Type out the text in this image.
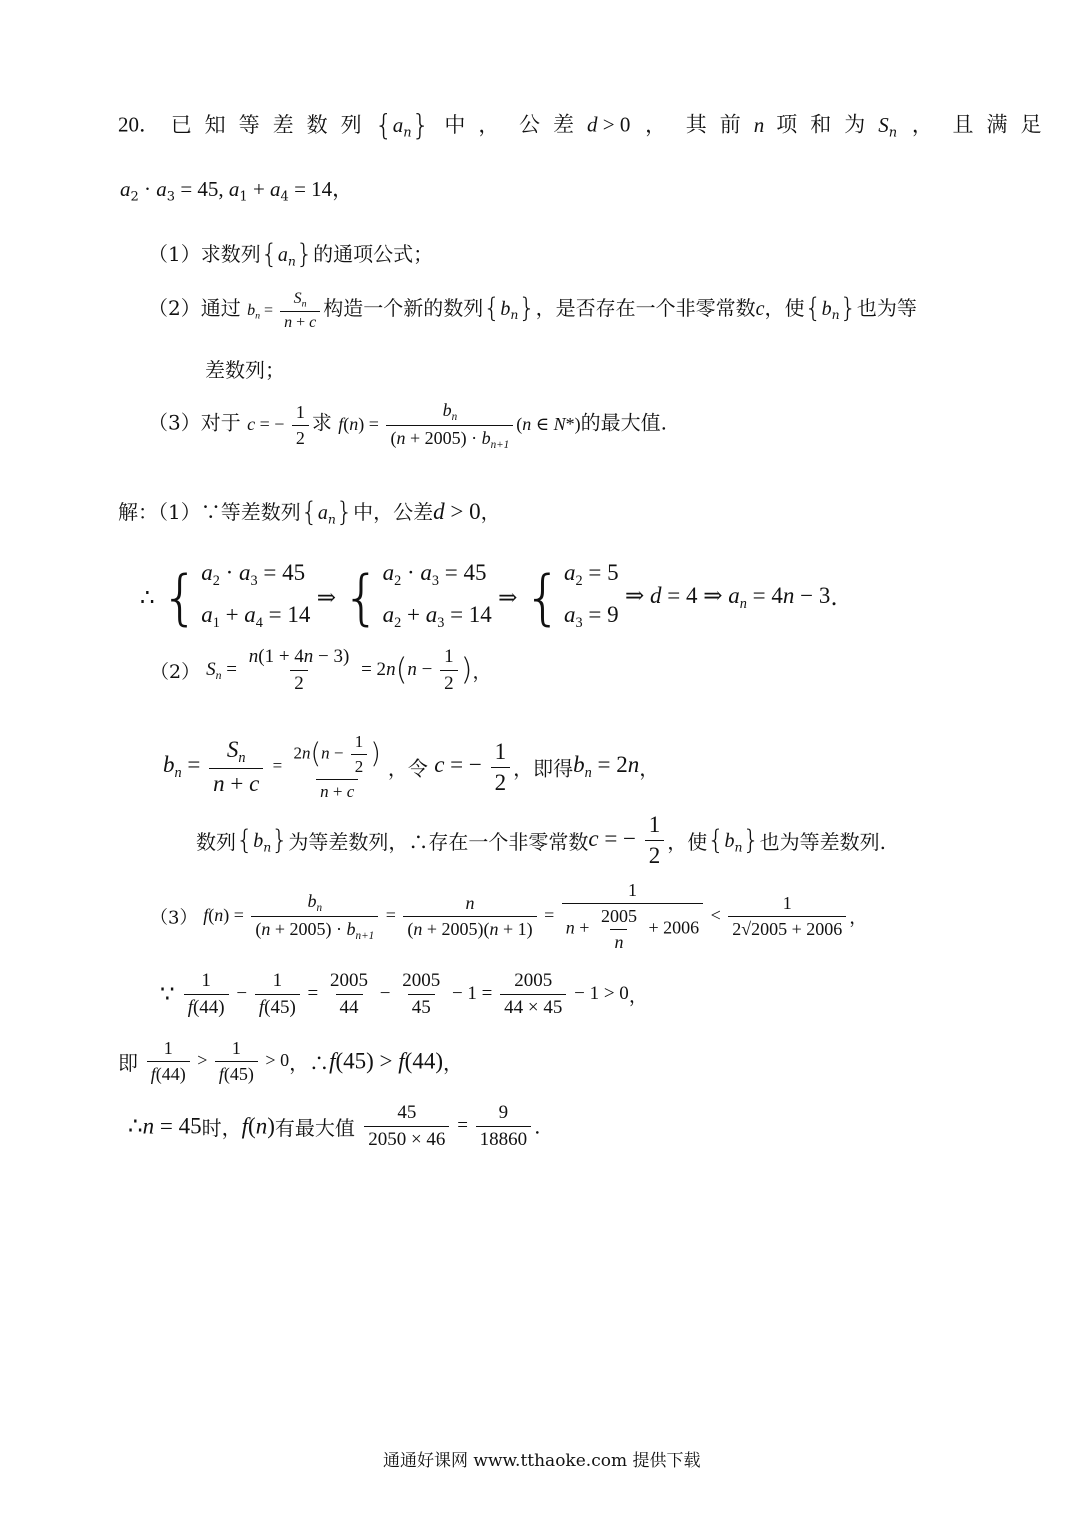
20． 已知等差数列$\{a_n\}$ 中， 公差d > 0 ， 其前n 项和为$S_n$ ， 且满足
$a_2 \cdot a_3 = 45$, $a_1 + a_4 = 14$，
（1）求数列$\{a_n\}$的通项公式；
（2）通过 $b_n = \frac{S_n}{n + c}$ 构造一个新的数列$\{b_n\}$，是否存在一个非零常数c，使$\{b_n\}$也为等
差数列；
（3）对于 c = − $\frac{1}{2}$ 求 $f(n) = \frac{b_n}{(n + 2005) \cdot b_{n+1}} (n$ ∈ N*)的最大值.
解：（1）∵等差数列$\{a_n\}$中，公差d > 0，
∴ { $a_2 \cdot a_3 = 45$
$a_1 + a_4 = 14$
⇒ { $a_2 \cdot a_3 = 45$
$a_2 + a_3 = 14$
⇒ { $a_2 = 5$
$a_3 = 9$
⇒ d = 4 ⇒ $a_n = 4n - 3$.
（2） $S_n = \frac{n(1 + 4n - 3)}{2} = 2n(n - \frac{1}{2}$ )，
$b_n = \frac{S_n}{n + c} = \frac{2n(n - \frac{1}{2} )}{n + c}$ ，令 c = − $\frac{1}{2}$ ，即得$b_n = 2n$，
数列$\{b_n\}$为等差数列，∴存在一个非零常数c = − $\frac{1}{2}$ ，使$\{b_n\}$也为等差数列.
（3） $f(n) = \frac{b_n}{(n + 2005) \cdot b_{n+1}} = \frac{n}{(n + 2005)(n + 1)} = \frac{1}{n + \frac{2005}{n} + 2006} < \frac{1}{2√2005 + 2006}$ ，
∵ $\frac{1}{f(44)} - \frac{1}{f(45)} = \frac{2005}{44} - \frac{2005}{45} - 1 = \frac{2005}{44 \times 45} - 1 > 0$，
即 $\frac{1}{f(44)} > \frac{1}{f(45)} > 0$，∴f(45) > f(44)，
∴n = 45时，f(n)有最大值 $\frac{45}{2050 \times 46} = \frac{9}{18860}$ .
通通好课网 www.tthaoke.com 提供下载
